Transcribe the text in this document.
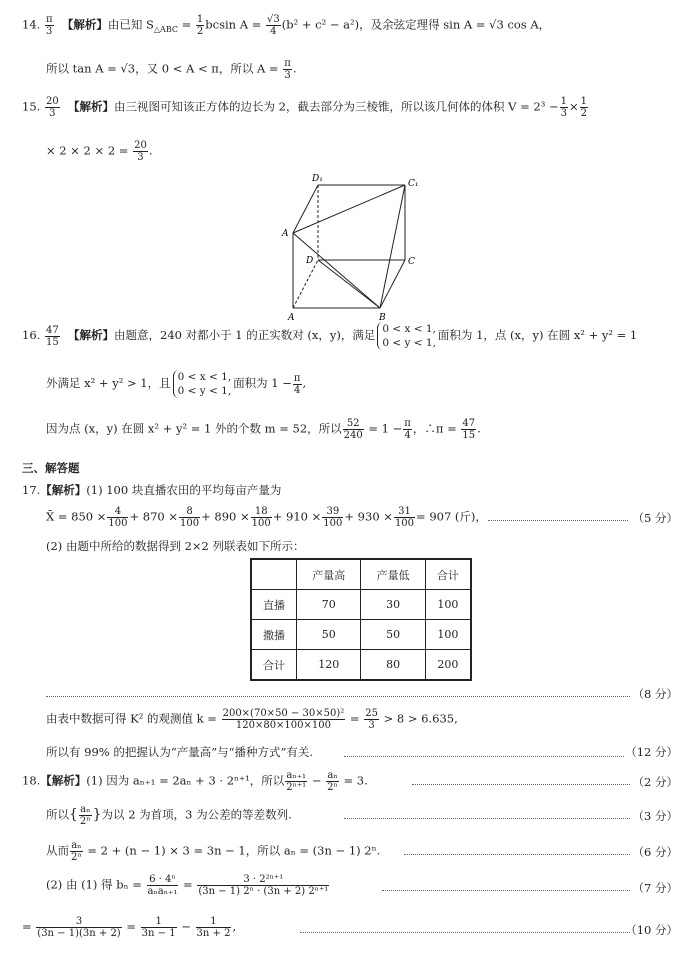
14. $\frac{\pi}{3}$ 【解析】由已知 $S_{\triangle ABC} = \frac{1}{2}$ bcsin $A = \frac{√3}{4} (b^2 + c^2 - a^2)$，及余弦定理得 sin A = √3 cos A，
所以 tan A = √3，又 0 < A < π，所以 $A = \frac{\pi}{3}$ .
15. $\frac{20}{3}$ 【解析】由三视图可知该正方体的边长为 2，截去部分为三棱锥，所以该几何体的体积 $V = 2^3 - \frac{1}{3} \times \frac{1}{2}$
× $2 \times 2 \times 2 = \frac{20}{3}$ .
D₁	C₁
A
D	C
A	B
16. $\frac{47}{15}$ 【解析】由题意，240 对都小于 1 的正实数对 (x，y)，满足 0 < x < 1,
0 < y < 1,
面积为 1，点 (x，y) 在圆 x² + y² = 1
外满足 x² + y² > 1，且 0 < x < 1,
0 < y < 1,
面积为 $1 - \frac{\pi}{4}$ ,
因为点 (x，y) 在圆 x² + y² = 1 外的个数 m = 52，所以 $\frac{52}{240} = 1 - \frac{\pi}{4}$ ，∴π = $\frac{47}{15}$ .
三、解答题
17.【解析】(1) 100 块直播农田的平均每亩产量为
X̄ = $850 \times \frac{4}{100} + 870 \times \frac{8}{100} + 890 \times \frac{18}{100} + 910 \times \frac{39}{100} + 930 \times \frac{31}{100} = 907$ (斤)，	（5 分）
(2) 由题中所给的数据得到 2×2 列联表如下所示：
	产量高	产量低	合计
直播	70	30	100
撒播	50	50	100
合计	120	80	200
（8 分）
由表中数据可得 K² 的观测值 $k = \frac{\text{200×(70×50 − 30×50)²}}{120\times 80\times 100\times 100} = \frac{25}{3} > 8 > 6.635$,
所以有 99% 的把握认为“产量高”与“播种方式”有关.	（12 分）
18.【解析】(1) 因为 aₙ₊₁ = 2aₙ + 3 · 2ⁿ⁺¹，所以 $\frac{\text{aₙ₊₁}}{\text{2ⁿ⁺¹}} - \frac{\text{aₙ}}{\text{2ⁿ}} = 3$.	（2 分）
所以{ $\frac{\text{aₙ}}{\text{2ⁿ}}$ }为以 2 为首项，3 为公差的等差数列.	（3 分）
从而 $\frac{\text{aₙ}}{\text{2ⁿ}} = 2 + (n - 1) \times 3 = 3n - 1$，所以 aₙ = (3n − 1) 2ⁿ.	（6 分）
(2) 由 (1) 得 $b_n = \frac{\text{6 · 4ⁿ}}{\text{aₙaₙ₊₁}} = \frac{\text{3 · 2²ⁿ⁺¹}}{\text{(3n − 1) 2ⁿ · (3n + 2) 2ⁿ⁺¹}}$	（7 分）
= $\frac{3}{(3n - 1)(3n + 2)} = \frac{1}{3n - 1} - \frac{1}{3n + 2}$ ,	（10 分）
